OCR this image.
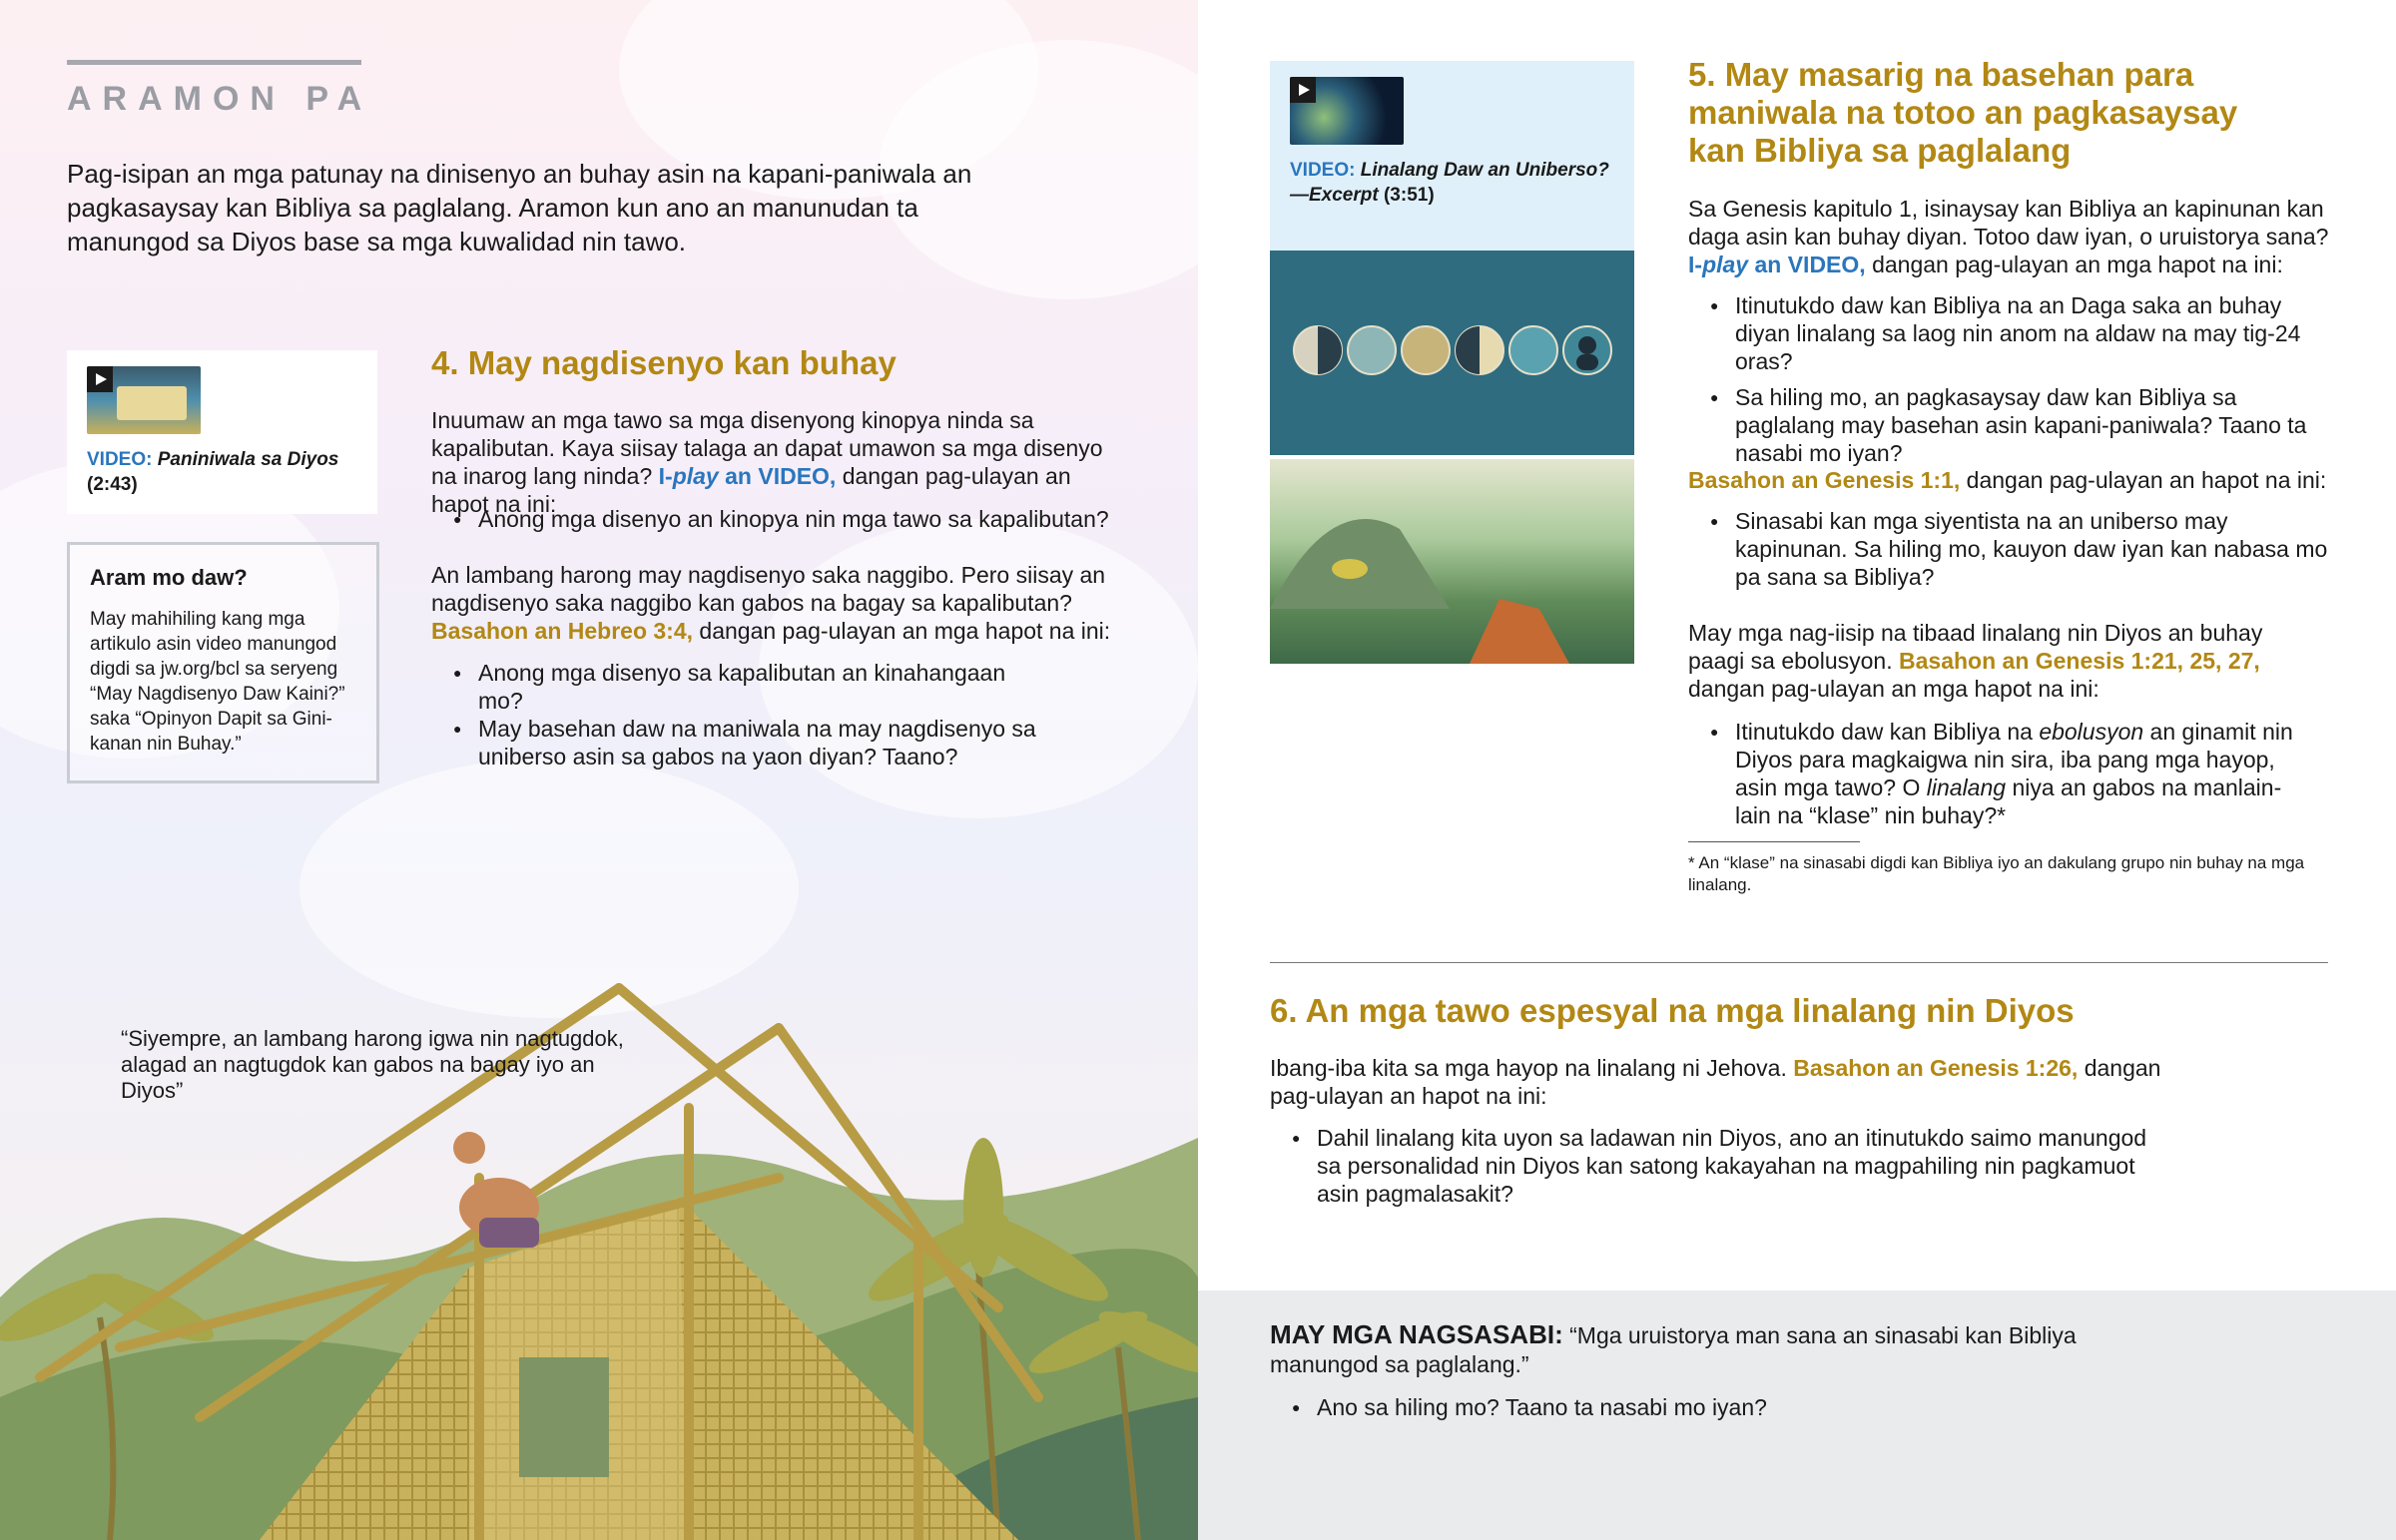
ARAMON PA

Pag-isipan an mga patunay na dinisenyo an buhay asin na kapani-paniwala an pagkasaysay kan Bibliya sa paglalang. Aramon kun ano an manunudan ta manungod sa Diyos base sa mga kuwalidad nin tawo.

VIDEO: Paniniwala sa Diyos
(2:43)
Aram mo daw?

May mahihiling kang mga artikulo asin video manungod digdi sa jw.org/bcl sa seryeng “May Nagdisenyo Daw Kaini?” saka “Opinyon Dapit sa Gini-kanan nin Buhay.”

4. May nagdisenyo kan buhay

Inuumaw an mga tawo sa mga disenyong kinopya ninda sa kapalibutan. Kaya siisay talaga an dapat umawon sa mga disenyo na inarog lang ninda? I-play an VIDEO, dangan pag-ulayan an hapot na ini:

● Anong mga disenyo an kinopya nin mga tawo sa kapalibutan?

An lambang harong may nagdisenyo saka naggibo. Pero siisay an nagdisenyo saka naggibo kan gabos na bagay sa kapalibutan? Basahon an Hebreo 3:4, dangan pag-ulayan an mga hapot na ini:

● Anong mga disenyo sa kapalibutan an kinahangaan mo?
● May basehan daw na maniwala na may nagdisenyo sa uniberso asin sa gabos na yaon diyan? Taano?

“Siyempre, an lambang harong igwa nin nagtugdok, alagad an nagtugdok kan gabos na bagay iyo an Diyos”

VIDEO: Linalang Daw an Uniberso?
—Excerpt (3:51)
5. May masarig na basehan para maniwala na totoo an pagkasaysay kan Bibliya sa paglalang

Sa Genesis kapitulo 1, isinaysay kan Bibliya an kapinunan kan daga asin kan buhay diyan. Totoo daw iyan, o uruistorya sana? I-play an VIDEO, dangan pag-ulayan an mga hapot na ini:

● Itinutukdo daw kan Bibliya na an Daga saka an buhay diyan linalang sa laog nin anom na aldaw na may tig-24 oras?
● Sa hiling mo, an pagkasaysay daw kan Bibliya sa paglalang may basehan asin kapani-paniwala? Taano ta nasabi mo iyan?

Basahon an Genesis 1:1, dangan pag-ulayan an hapot na ini:

● Sinasabi kan mga siyentista na an uniberso may kapinunan. Sa hiling mo, kauyon daw iyan kan nabasa mo pa sana sa Bibliya?

May mga nag-iisip na tibaad linalang nin Diyos an buhay paagi sa ebolusyon. Basahon an Genesis 1:21, 25, 27, dangan pag-ulayan an mga hapot na ini:

● Itinutukdo daw kan Bibliya na ebolusyon an ginamit nin Diyos para magkaigwa nin sira, iba pang mga hayop, asin mga tawo? O linalang niya an gabos na manlain-lain na “klase” nin buhay?*

* An “klase” na sinasabi digdi kan Bibliya iyo an dakulang grupo nin buhay na mga linalang.

6. An mga tawo espesyal na mga linalang nin Diyos

Ibang-iba kita sa mga hayop na linalang ni Jehova. Basahon an Genesis 1:26, dangan pag-ulayan an hapot na ini:

● Dahil linalang kita uyon sa ladawan nin Diyos, ano an itinutukdo saimo manungod sa personalidad nin Diyos kan satong kakayahan na magpahiling nin pagkamuot asin pagmalasakit?

MAY MGA NAGSASABI: “Mga uruistorya man sana an sinasabi kan Bibliya manungod sa paglalang.”

● Ano sa hiling mo? Taano ta nasabi mo iyan?
